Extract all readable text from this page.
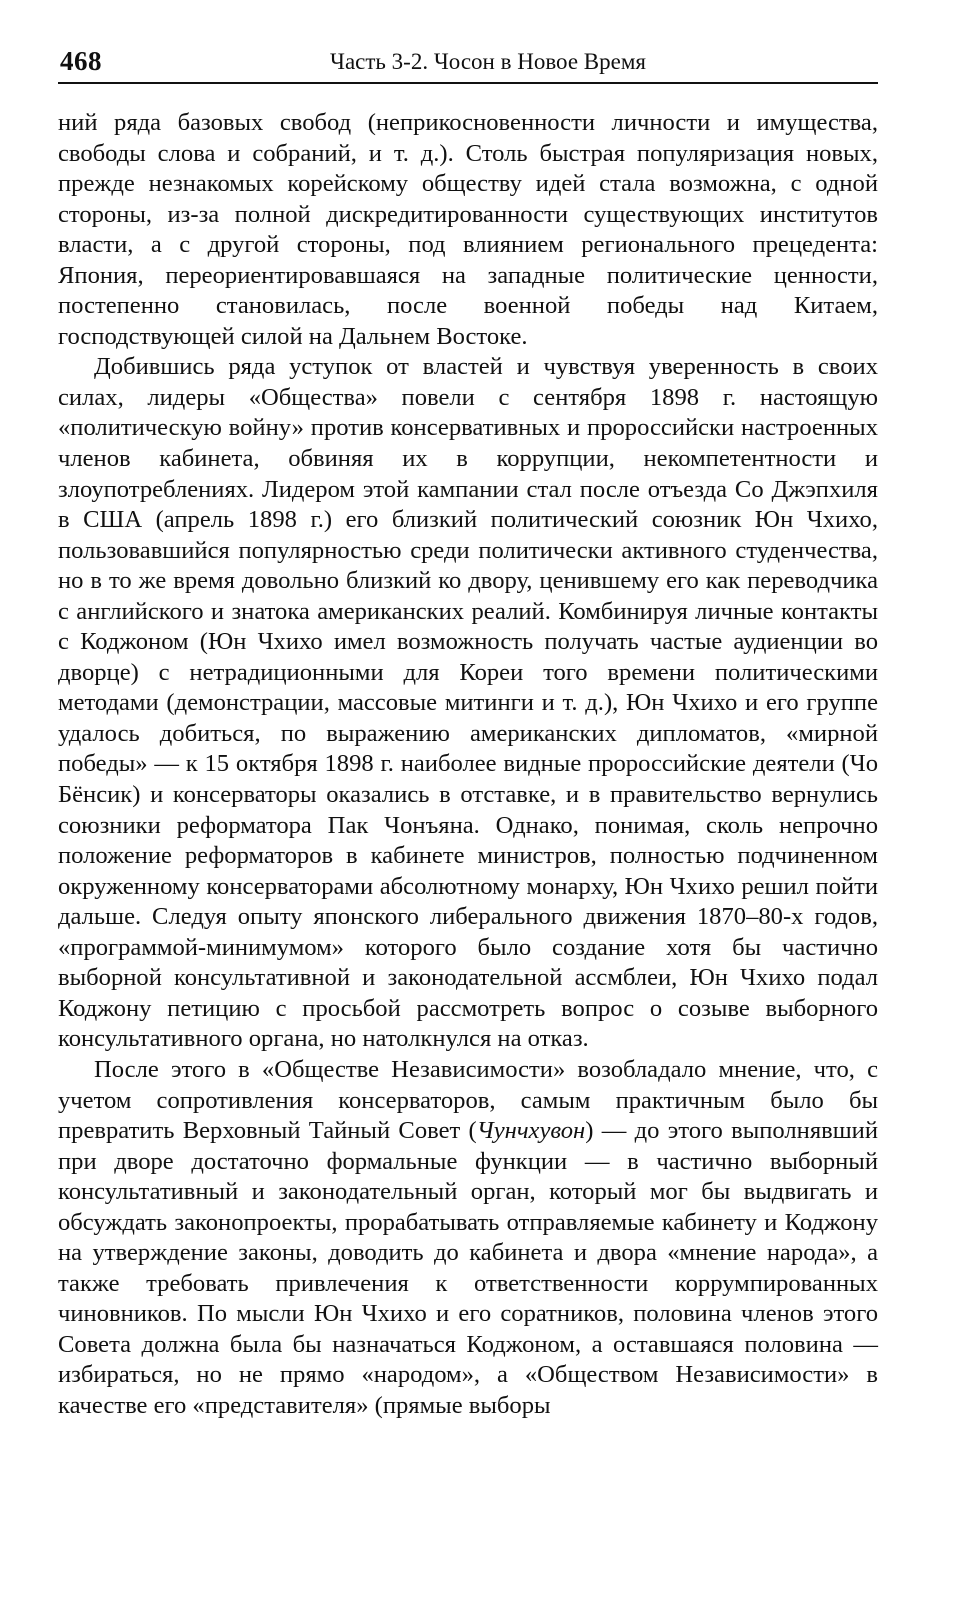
468	Часть 3-2. Чосон в Новое Время

ний ряда базовых свобод (неприкосновенности личности и имущества, свободы слова и собраний, и т. д.). Столь быстрая популяризация новых, прежде незнакомых корейскому обществу идей стала возможна, с одной стороны, из-за полной дискредитированности существующих институтов власти, а с другой стороны, под влиянием регионального прецедента: Япония, переориентировавшаяся на западные политические ценности, постепенно становилась, после военной победы над Китаем, господствующей силой на Дальнем Востоке.

Добившись ряда уступок от властей и чувствуя уверенность в своих силах, лидеры «Общества» повели с сентября 1898 г. настоящую «политическую войну» против консервативных и пророссийски настроенных членов кабинета, обвиняя их в коррупции, некомпетентности и злоупотреблениях. Лидером этой кампании стал после отъезда Со Джэпхиля в США (апрель 1898 г.) его близкий политический союзник Юн Чхихо, пользовавшийся популярностью среди политически активного студенчества, но в то же время довольно близкий ко двору, ценившему его как переводчика с английского и знатока американских реалий. Комбинируя личные контакты с Коджоном (Юн Чхихо имел возможность получать частые аудиенции во дворце) с нетрадиционными для Кореи того времени политическими методами (демонстрации, массовые митинги и т. д.), Юн Чхихо и его группе удалось добиться, по выражению американских дипломатов, «мирной победы» — к 15 октября 1898 г. наиболее видные пророссийские деятели (Чо Бёнсик) и консерваторы оказались в отставке, и в правительство вернулись союзники реформатора Пак Чонъяна. Однако, понимая, сколь непрочно положение реформаторов в кабинете министров, полностью подчиненном окруженному консерваторами абсолютному монарху, Юн Чхихо решил пойти дальше. Следуя опыту японского либерального движения 1870–80-х годов, «программой-минимумом» которого было создание хотя бы частично выборной консультативной и законодательной ассмблеи, Юн Чхихо подал Коджону петицию с просьбой рассмотреть вопрос о созыве выборного консультативного органа, но натолкнулся на отказ.

После этого в «Обществе Независимости» возобладало мнение, что, с учетом сопротивления консерваторов, самым практичным было бы превратить Верховный Тайный Совет (Чунчхувон) — до этого выполнявший при дворе достаточно формальные функции — в частично выборный консультативный и законодательный орган, который мог бы выдвигать и обсуждать законопроекты, прорабатывать отправляемые кабинету и Коджону на утверждение законы, доводить до кабинета и двора «мнение народа», а также требовать привлечения к ответственности коррумпированных чиновников. По мысли Юн Чхихо и его соратников, половина членов этого Совета должна была бы назначаться Коджоном, а оставшаяся половина — избираться, но не прямо «народом», а «Обществом Независимости» в качестве его «представителя» (прямые выборы
